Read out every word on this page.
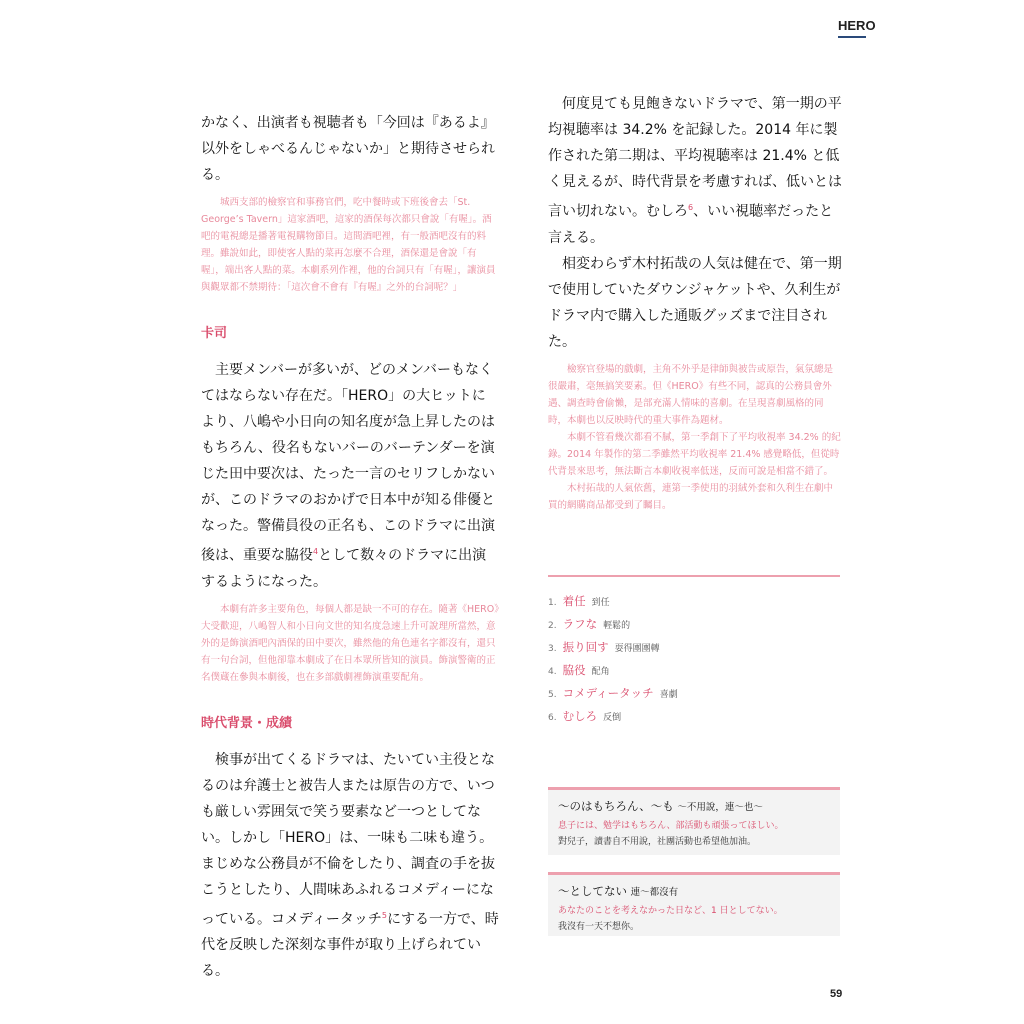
HERO

かなく、出演者も視聴者も「今回は『あるよ』以外をしゃべるんじゃないか」と期待させられる。

城西支部的檢察官和事務官們，吃中餐時或下班後會去「St. George’s Tavern」這家酒吧，這家的酒保每次都只會說「有喔」。酒吧的電視總是播著電視購物節目。這間酒吧裡，有一般酒吧沒有的料理。雖說如此，即使客人點的菜再怎麼不合理，酒保還是會說「有喔」，端出客人點的菜。本劇系列作裡，他的台詞只有「有喔」，讓演員與觀眾都不禁期待：「這次會不會有『有喔』之外的台詞呢？」

卡司

主要メンバーが多いが、どのメンバーもなくてはならない存在だ。「HERO」の大ヒットにより、八嶋や小日向の知名度が急上昇したのはもちろん、役名もないバーのバーテンダーを演じた田中要次は、たった一言のセリフしかないが、このドラマのおかげで日本中が知る俳優となった。警備員役の正名も、このドラマに出演後は、重要な脇役$^4$として数々のドラマに出演するようになった。

本劇有許多主要角色，每個人都是缺一不可的存在。隨著《HERO》大受歡迎，八嶋智人和小日向文世的知名度急速上升可說理所當然，意外的是飾演酒吧內酒保的田中要次，雖然他的角色連名字都沒有，還只有一句台詞，但他卻靠本劇成了在日本眾所皆知的演員。飾演警衛的正名僕蔵在參與本劇後，也在多部戲劇裡飾演重要配角。

時代背景・成績

検事が出てくるドラマは、たいてい主役となるのは弁護士と被告人または原告の方で、いつも厳しい雰囲気で笑う要素など一つとしてない。しかし「HERO」は、一味も二味も違う。まじめな公務員が不倫をしたり、調査の手を抜こうとしたり、人間味あふれるコメディーになっている。コメディータッチ$^5$にする一方で、時代を反映した深刻な事件が取り上げられている。

何度見ても見飽きないドラマで、第一期の平均視聴率は 34.2% を記録した。2014 年に製作された第二期は、平均視聴率は 21.4% と低く見えるが、時代背景を考慮すれば、低いとは言い切れない。むしろ$^6$、いい視聴率だったと言える。

相変わらず木村拓哉の人気は健在で、第一期で使用していたダウンジャケットや、久利生がドラマ内で購入した通販グッズまで注目された。

檢察官登場的戲劇，主角不外乎是律師與被告或原告，氣氛總是很嚴肅，毫無搞笑要素。但《HERO》有些不同，認真的公務員會外遇、調查時會偷懶，是部充滿人情味的喜劇。在呈現喜劇風格的同時，本劇也以反映時代的重大事件為題材。

本劇不管看幾次都看不膩，第一季創下了平均收視率 34.2% 的紀錄。2014 年製作的第二季雖然平均收視率 21.4% 感覺略低，但從時代背景來思考，無法斷言本劇收視率低迷，反而可說是相當不錯了。

木村拓哉的人氣依舊，連第一季使用的羽絨外套和久利生在劇中買的網購商品都受到了矚目。

1. 着任 到任
2. ラフな 輕鬆的
3. 振り回す 耍得團團轉
4. 脇役 配角
5. コメディータッチ 喜劇
6. むしろ 反倒
～のはもちろん、～も ～不用說，連～也～
息子には、勉学はもちろん、部活動も頑張ってほしい。
對兒子，讀書自不用說，社團活動也希望他加油。
～としてない 連～都沒有
あなたのことを考えなかった日など、1 日としてない。
我沒有一天不想你。
59
